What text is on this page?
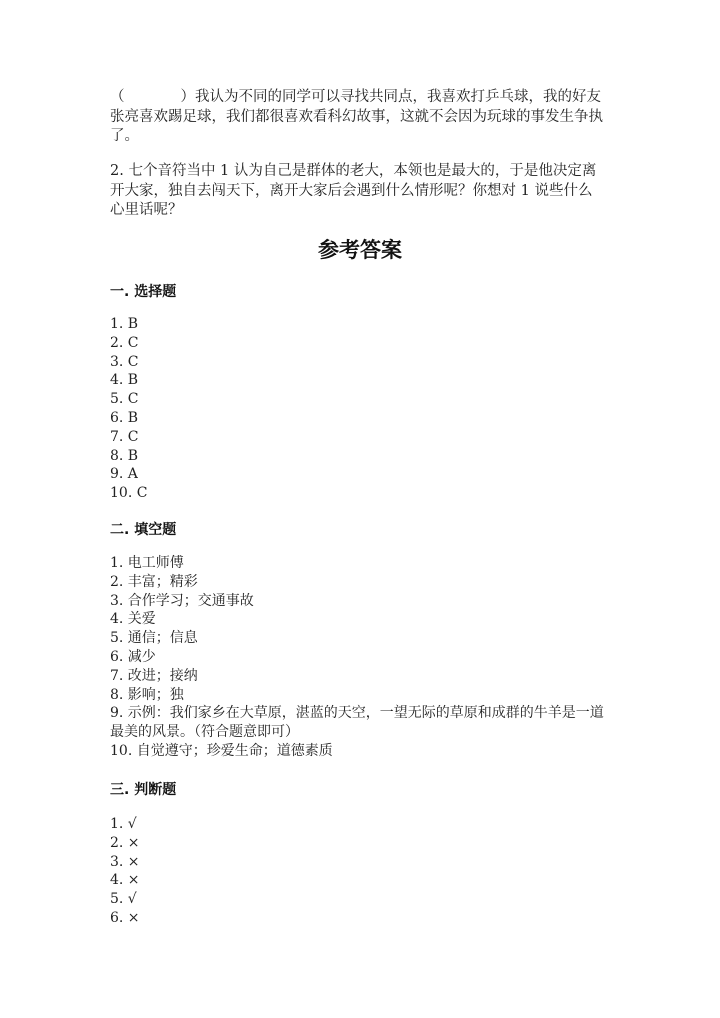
（	）我认为不同的同学可以寻找共同点，我喜欢打乒乓球，我的好友张亮喜欢踢足球，我们都很喜欢看科幻故事，这就不会因为玩球的事发生争执了。
2. 七个音符当中 1 认为自己是群体的老大，本领也是最大的，于是他决定离开大家，独自去闯天下，离开大家后会遇到什么情形呢？你想对 1 说些什么心里话呢？
参考答案
一. 选择题
1. B
2. C
3. C
4. B
5. C
6. B
7. C
8. B
9. A
10. C
二. 填空题
1. 电工师傅
2. 丰富；精彩
3. 合作学习；交通事故
4. 关爱
5. 通信；信息
6. 减少
7. 改进；接纳
8. 影响；独
9. 示例：我们家乡在大草原，湛蓝的天空，一望无际的草原和成群的牛羊是一道最美的风景。（符合题意即可）
10. 自觉遵守；珍爱生命；道德素质
三. 判断题
1. √
2. ×
3. ×
4. ×
5. √
6. ×
